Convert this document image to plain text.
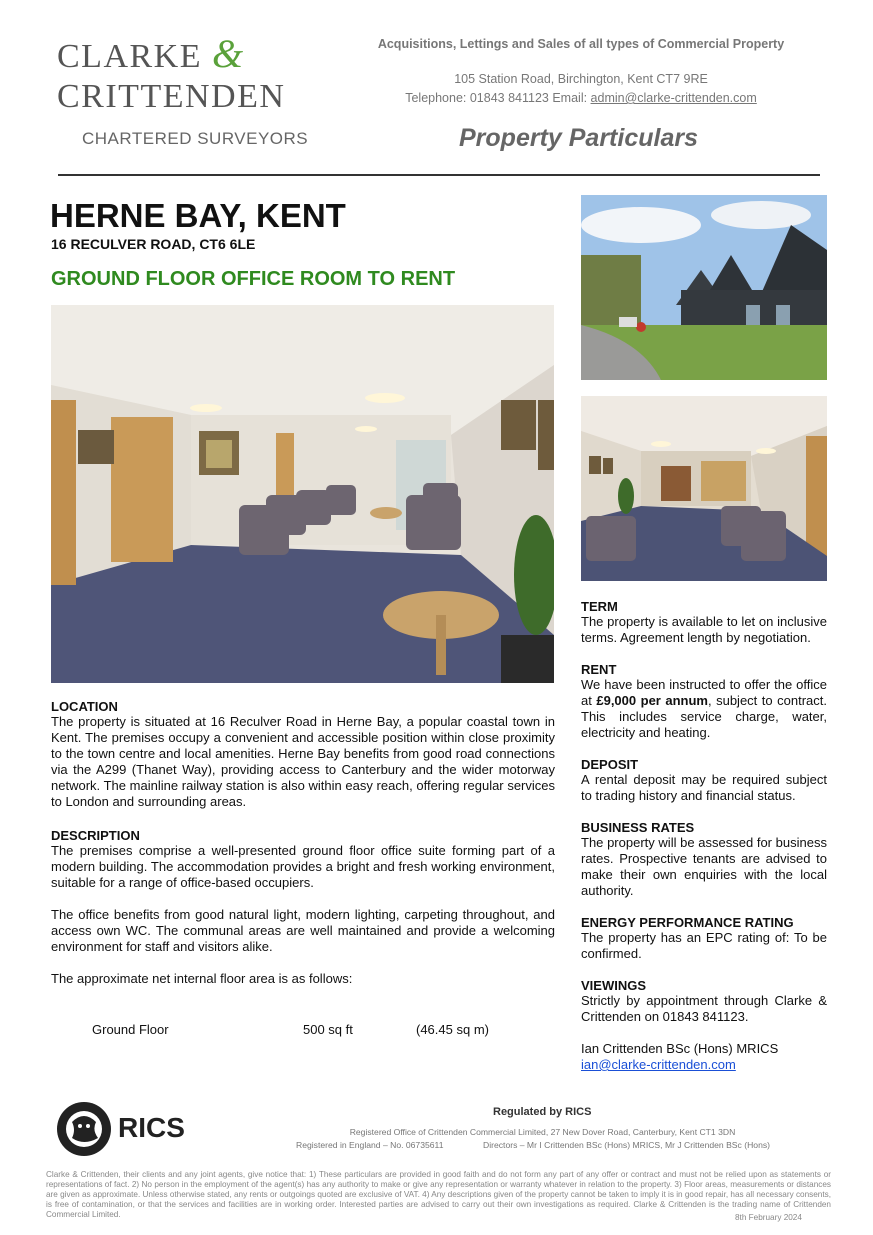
CLARKE &
CRITTENDEN
CHARTERED SURVEYORS
Acquisitions, Lettings and Sales of all types of Commercial Property
105 Station Road, Birchington, Kent CT7 9RE
Telephone: 01843 841123 Email: admin@clarke-crittenden.com
Property Particulars
HERNE BAY, KENT
16 RECULVER ROAD, CT6 6LE
GROUND FLOOR OFFICE ROOM TO RENT
LOCATION
The property is situated at 16 Reculver Road in Herne Bay, a popular coastal town in Kent. The premises occupy a convenient and accessible position within close proximity to the town centre and local amenities. Herne Bay benefits from good road connections via the A299 (Thanet Way), providing access to Canterbury and the wider motorway network. The mainline railway station is also within easy reach, offering regular services to London and surrounding areas.
DESCRIPTION
The premises comprise a well-presented ground floor office suite forming part of a modern building. The accommodation provides a bright and fresh working environment, suitable for a range of office-based occupiers.
The office benefits from good natural light, modern lighting, carpeting throughout, and access own WC. The communal areas are well maintained and provide a welcoming environment for staff and visitors alike.
The approximate net internal floor area is as follows:
Ground Floor	500 sq ft	(46.45 sq m)
TERM
The property is available to let on inclusive terms. Agreement length by negotiation.
RENT
We have been instructed to offer the office at £9,000 per annum, subject to contract. This includes service charge, water, electricity and heating.
DEPOSIT
A rental deposit may be required subject to trading history and financial status.
BUSINESS RATES
The property will be assessed for business rates. Prospective tenants are advised to make their own enquiries with the local authority.
ENERGY PERFORMANCE RATING
The property has an EPC rating of: To be confirmed.
VIEWINGS
Strictly by appointment through Clarke & Crittenden on 01843 841123.
Ian Crittenden BSc (Hons) MRICS
ian@clarke-crittenden.com
RICS	Regulated by RICS
Registered Office of Crittenden Commercial Limited, 27 New Dover Road, Canterbury, Kent CT1 3DN
Registered in England – No. 06735611	Directors – Mr I Crittenden BSc (Hons) MRICS, Mr J Crittenden BSc (Hons)
Clarke & Crittenden, their clients and any joint agents, give notice that: 1) These particulars are provided in good faith and do not form any part of any offer or contract and must not be relied upon as statements or representations of fact. 2) No person in the employment of the agent(s) has any authority to make or give any representation or warranty whatever in relation to the property. 3) Floor areas, measurements or distances are given as approximate. Unless otherwise stated, any rents or outgoings quoted are exclusive of VAT. 4) Any descriptions given of the property cannot be taken to imply it is in good repair, has all necessary consents, is free of contamination, or that the services and facilities are in working order. Interested parties are advised to carry out their own investigations as required. Clarke & Crittenden is the trading name of Crittenden Commercial Limited.	8th February 2024
